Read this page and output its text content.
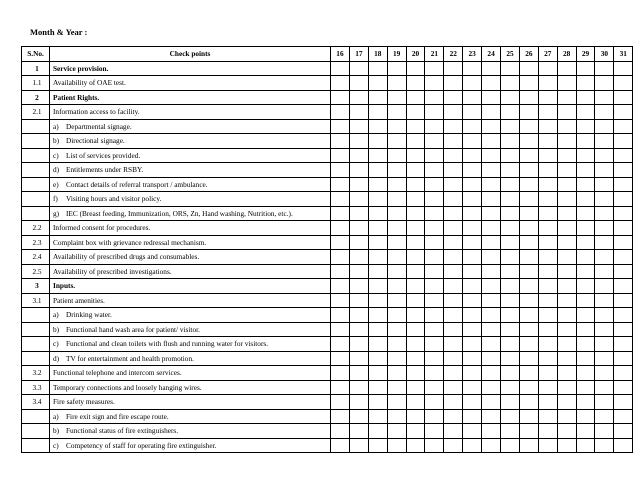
Month & Year :
S.No.	Check points	16	17	18	19	20	21	22	23	24	25	26	27	28	29	30	31
1	Service provision.																
1.1	Availability of OAE test.																
2	Patient Rights.																
2.1	Information access to facility.																
	a) Departmental signage.																
	b) Directional signage.																
	c) List of services provided.																
	d) Entitlements under RSBY.																
	e) Contact details of referral transport / ambulance.																
	f) Visiting hours and visitor policy.																
	g) IEC (Breast feeding, Immunization, ORS, Zn, Hand washing, Nutrition, etc.).																
2.2	Informed consent for procedures.																
2.3	Complaint box with grievance redressal mechanism.																
2.4	Availability of prescribed drugs and consumables.																
2.5	Availability of prescribed investigations.																
3	Inputs.																
3.1	Patient amenities.																
	a) Drinking water.																
	b) Functional hand wash area for patient/ visitor.																
	c) Functional and clean toilets with flush and running water for visitors.																
	d) TV for entertainment and health promotion.																
3.2	Functional telephone and intercom services.																
3.3	Temporary connections and loosely hanging wires.																
3.4	Fire safety measures.																
	a) Fire exit sign and fire escape route.																
	b) Functional status of fire extinguishers.																
	c) Competency of staff for operating fire extinguisher.																
